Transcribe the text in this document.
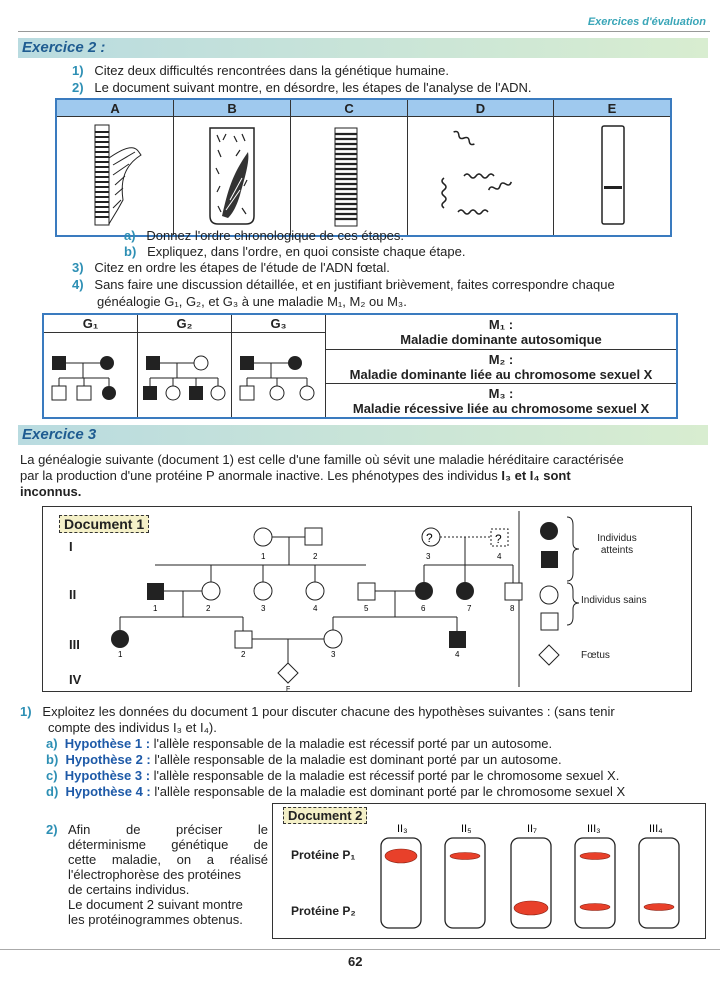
Exercices d'évaluation
Exercice 2 :
1) Citez deux difficultés rencontrées dans la génétique humaine.
2) Le document suivant montre, en désordre, les étapes de l'analyse de l'ADN.
A	B	C	D	E

a) Donnez l'ordre chronologique de ces étapes.
b) Expliquez, dans l'ordre, en quoi consiste chaque étape.
3) Citez en ordre les étapes de l'étude de l'ADN fœtal.
4) Sans faire une discussion détaillée, et en justifiant brièvement, faites correspondre chaque
généalogie G₁, G₂, et G₃ à une maladie M₁, M₂ ou M₃.
G₁	G₂	G₃	M₁ :
Maladie dominante autosomique

			M₂ :
Maladie dominante liée au chromosome sexuel X

			M₃ :
Maladie récessive liée au chromosome sexuel X
Exercice 3
La généalogie suivante (document 1) est celle d'une famille où sévit une maladie héréditaire caractérisée
par la production d'une protéine P anormale inactive. Les phénotypes des individus I₃ et I₄ sont
inconnus.
1	2
?	?
3	4
1	2	3	4	5	6	7	8
1	2	3	4
F
Document 1
I
II
III
IV
Individus atteints
Individus sains
Fœtus
1) Exploitez les données du document 1 pour discuter chacune des hypothèses suivantes : (sans tenir
compte des individus I₃ et I₄).
a) Hypothèse 1 : l'allèle responsable de la maladie est récessif porté par un autosome.
b) Hypothèse 2 : l'allèle responsable de la maladie est dominant porté par un autosome.
c) Hypothèse 3 : l'allèle responsable de la maladie est récessif porté par le chromosome sexuel X.
d) Hypothèse 4 : l'allèle responsable de la maladie est dominant porté par le chromosome sexuel X
2) Afin de préciser le
déterminisme génétique de
cette maladie, on a réalisé
l'électrophorèse des protéines
de certains individus.
Le document 2 suivant montre
les protéinogrammes obtenus.
Document 2
Protéine P₁
Protéine P₂
II₃	II₅	II₇	III₃	III₄
62
